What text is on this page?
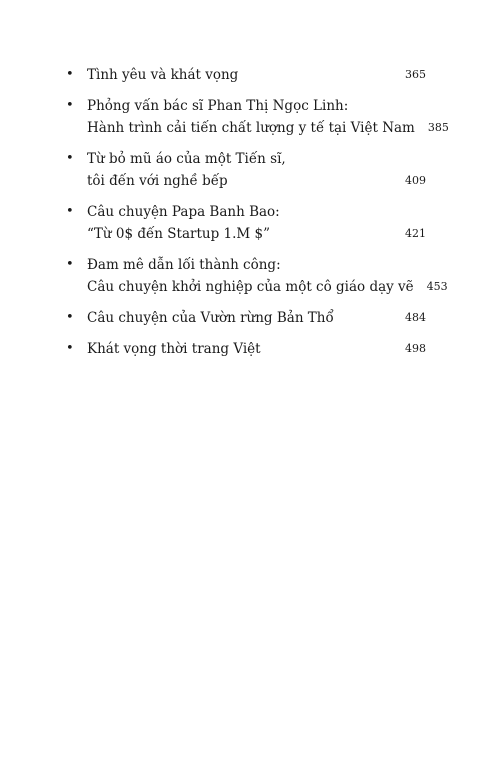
• Tình yêu và khát vọng	365
• Phỏng vấn bác sĩ Phan Thị Ngọc Linh:
Hành trình cải tiến chất lượng y tế tại Việt Nam	385
• Từ bỏ mũ áo của một Tiến sĩ,
tôi đến với nghề bếp	409
• Câu chuyện Papa Banh Bao:
“Từ 0$ đến Startup 1.M $”	421
• Đam mê dẫn lối thành công:
Câu chuyện khởi nghiệp của một cô giáo dạy vẽ	453
• Câu chuyện của Vườn rừng Bản Thổ	484
• Khát vọng thời trang Việt	498
